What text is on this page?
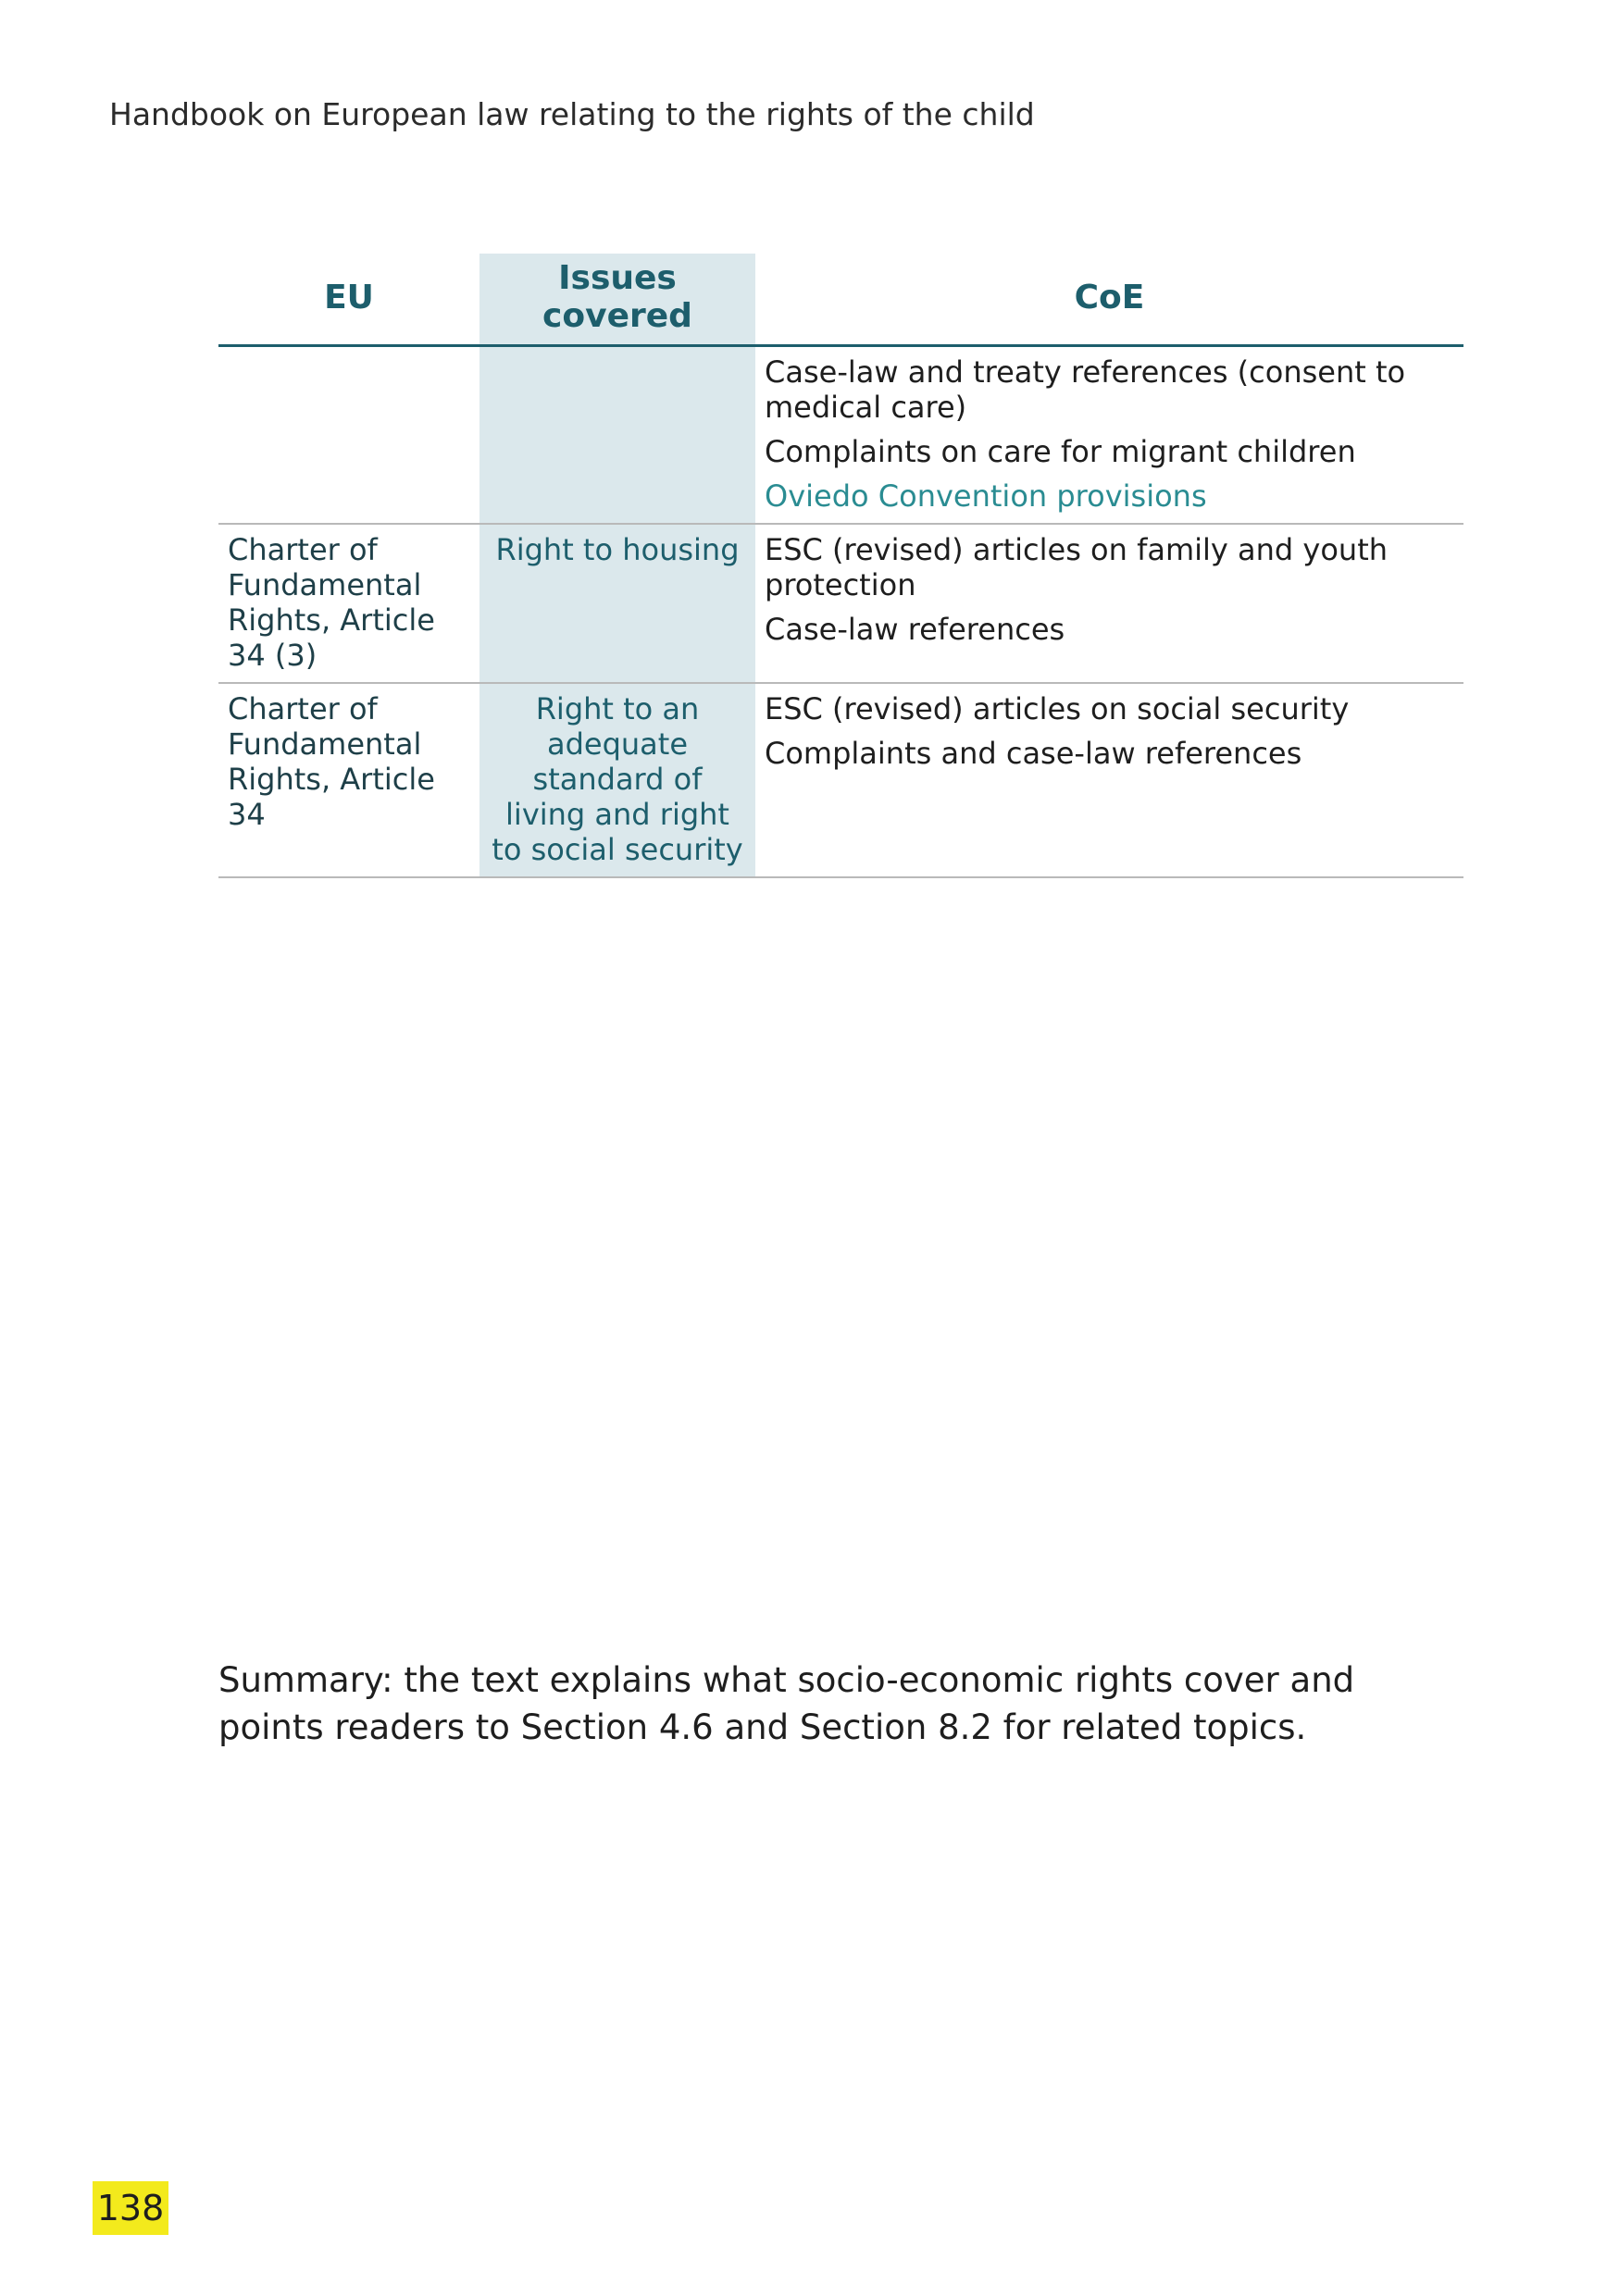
Handbook on European law relating to the rights of the child
EU	Issues covered	CoE

		Case-law and treaty references (consent to medical care)
Complaints on care for migrant children
Oviedo Convention provisions

Charter of Fundamental Rights, Article 34 (3)	Right to housing	ESC (revised) articles on family and youth protection
Case-law references

Charter of Fundamental Rights, Article 34	Right to an adequate standard of living and right to social security	ESC (revised) articles on social security
Complaints and case-law references

Summary: the text explains what socio-economic rights cover and points readers to Section 4.6 and Section 8.2 for related topics.

138
